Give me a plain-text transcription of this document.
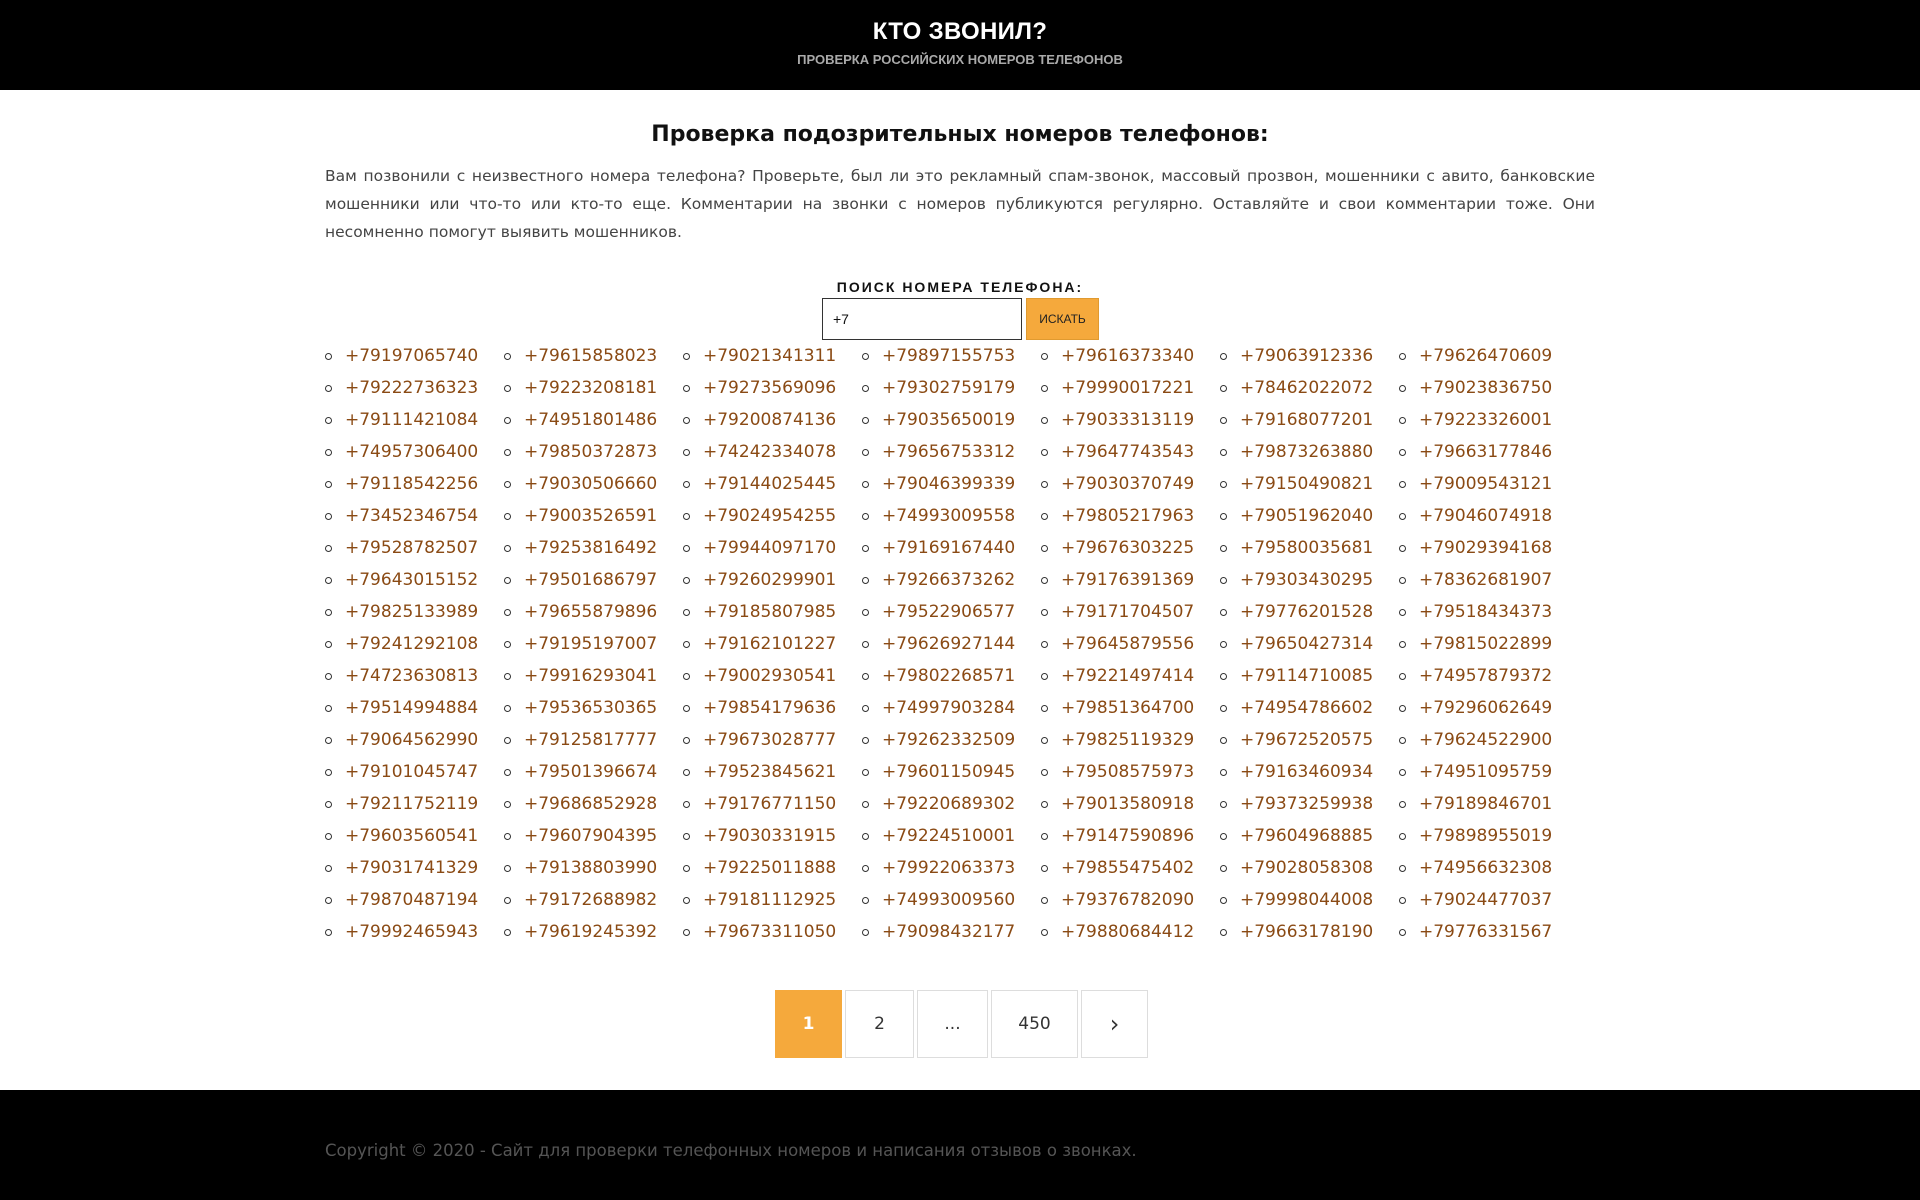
КТО ЗВОНИЛ?
ПРОВЕРКА РОССИЙСКИХ НОМЕРОВ ТЕЛЕФОНОВ
Проверка подозрительных номеров телефонов:

Вам позвонили с неизвестного номера телефона? Проверьте, был ли это рекламный спам-звонок, массовый прозвон, мошенники с авито, банковские мошенники или что-то или кто-то еще. Комментарии на звонки с номеров публикуются регулярно. Оставляйте и свои комментарии тоже. Они несомненно помогут выявить мошенников.

ПОИСК НОМЕРА ТЕЛЕФОНА:
+7
ИСКАТЬ
+79197065740	+79615858023	+79021341311	+79897155753	+79616373340	+79063912336	+79626470609
+79222736323	+79223208181	+79273569096	+79302759179	+79990017221	+78462022072	+79023836750
+79111421084	+74951801486	+79200874136	+79035650019	+79033313119	+79168077201	+79223326001
+74957306400	+79850372873	+74242334078	+79656753312	+79647743543	+79873263880	+79663177846
+79118542256	+79030506660	+79144025445	+79046399339	+79030370749	+79150490821	+79009543121
+73452346754	+79003526591	+79024954255	+74993009558	+79805217963	+79051962040	+79046074918
+79528782507	+79253816492	+79944097170	+79169167440	+79676303225	+79580035681	+79029394168
+79643015152	+79501686797	+79260299901	+79266373262	+79176391369	+79303430295	+78362681907
+79825133989	+79655879896	+79185807985	+79522906577	+79171704507	+79776201528	+79518434373
+79241292108	+79195197007	+79162101227	+79626927144	+79645879556	+79650427314	+79815022899
+74723630813	+79916293041	+79002930541	+79802268571	+79221497414	+79114710085	+74957879372
+79514994884	+79536530365	+79854179636	+74997903284	+79851364700	+74954786602	+79296062649
+79064562990	+79125817777	+79673028777	+79262332509	+79825119329	+79672520575	+79624522900
+79101045747	+79501396674	+79523845621	+79601150945	+79508575973	+79163460934	+74951095759
+79211752119	+79686852928	+79176771150	+79220689302	+79013580918	+79373259938	+79189846701
+79603560541	+79607904395	+79030331915	+79224510001	+79147590896	+79604968885	+79898955019
+79031741329	+79138803990	+79225011888	+79922063373	+79855475402	+79028058308	+74956632308
+79870487194	+79172688982	+79181112925	+74993009560	+79376782090	+79998044008	+79024477037
+79992465943	+79619245392	+79673311050	+79098432177	+79880684412	+79663178190	+79776331567
1	2	...	450	›
Copyright © 2020 - Сайт для проверки телефонных номеров и написания отзывов о звонках.
